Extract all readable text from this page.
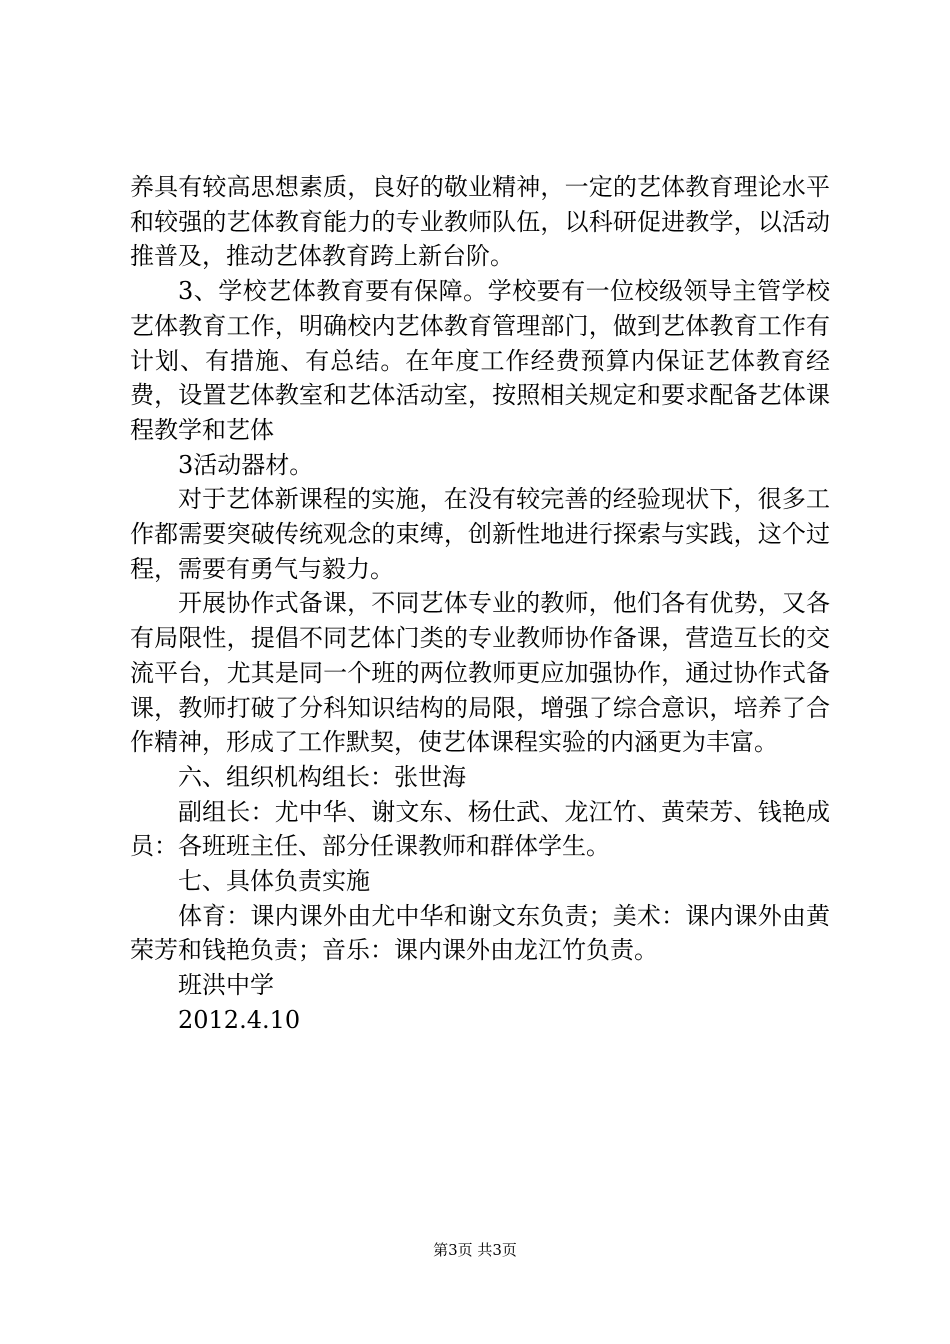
养具有较高思想素质，良好的敬业精神，一定的艺体教育理论水平和较强的艺体教育能力的专业教师队伍，以科研促进教学，以活动推普及，推动艺体教育跨上新台阶。

3、学校艺体教育要有保障。学校要有一位校级领导主管学校艺体教育工作，明确校内艺体教育管理部门，做到艺体教育工作有计划、有措施、有总结。在年度工作经费预算内保证艺体教育经费，设置艺体教室和艺体活动室，按照相关规定和要求配备艺体课程教学和艺体

3活动器材。

对于艺体新课程的实施，在没有较完善的经验现状下，很多工作都需要突破传统观念的束缚，创新性地进行探索与实践，这个过程，需要有勇气与毅力。

开展协作式备课，不同艺体专业的教师，他们各有优势，又各有局限性，提倡不同艺体门类的专业教师协作备课，营造互长的交流平台，尤其是同一个班的两位教师更应加强协作，通过协作式备课，教师打破了分科知识结构的局限，增强了综合意识，培养了合作精神，形成了工作默契，使艺体课程实验的内涵更为丰富。

六、组织机构组长：张世海

副组长：尤中华、谢文东、杨仕武、龙江竹、黄荣芳、钱艳成员：各班班主任、部分任课教师和群体学生。

七、具体负责实施

体育：课内课外由尤中华和谢文东负责；美术：课内课外由黄荣芳和钱艳负责；音乐：课内课外由龙江竹负责。

班洪中学

2012.4.10

第3页 共3页
